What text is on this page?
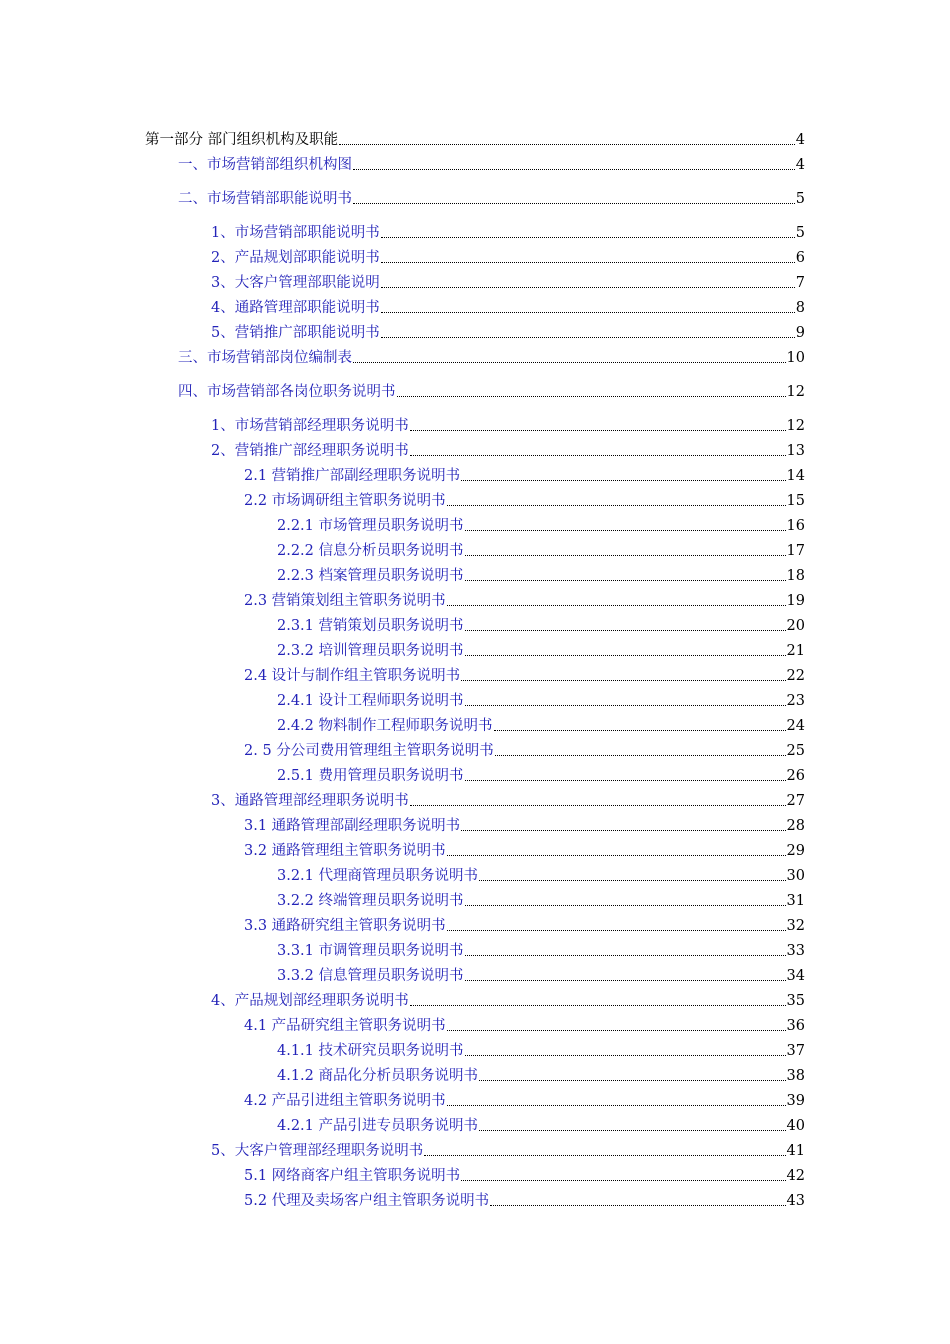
第一部分 部门组织机构及职能	4
一、市场营销部组织机构图	4
二、市场营销部职能说明书	5
1、市场营销部职能说明书	5
2、产品规划部职能说明书	6
3、大客户管理部职能说明	7
4、通路管理部职能说明书	8
5、营销推广部职能说明书	9
三、市场营销部岗位编制表	10
四、市场营销部各岗位职务说明书	12
1、市场营销部经理职务说明书	12
2、营销推广部经理职务说明书	13
2.1 营销推广部副经理职务说明书	14
2.2 市场调研组主管职务说明书	15
2.2.1 市场管理员职务说明书	16
2.2.2 信息分析员职务说明书	17
2.2.3 档案管理员职务说明书	18
2.3 营销策划组主管职务说明书	19
2.3.1 营销策划员职务说明书	20
2.3.2 培训管理员职务说明书	21
2.4 设计与制作组主管职务说明书	22
2.4.1 设计工程师职务说明书	23
2.4.2 物料制作工程师职务说明书	24
2. 5 分公司费用管理组主管职务说明书	25
2.5.1 费用管理员职务说明书	26
3、通路管理部经理职务说明书	27
3.1 通路管理部副经理职务说明书	28
3.2 通路管理组主管职务说明书	29
3.2.1 代理商管理员职务说明书	30
3.2.2 终端管理员职务说明书	31
3.3 通路研究组主管职务说明书	32
3.3.1 市调管理员职务说明书	33
3.3.2 信息管理员职务说明书	34
4、产品规划部经理职务说明书	35
4.1 产品研究组主管职务说明书	36
4.1.1 技术研究员职务说明书	37
4.1.2 商品化分析员职务说明书	38
4.2 产品引进组主管职务说明书	39
4.2.1 产品引进专员职务说明书	40
5、大客户管理部经理职务说明书	41
5.1 网络商客户组主管职务说明书	42
5.2 代理及卖场客户组主管职务说明书	43
